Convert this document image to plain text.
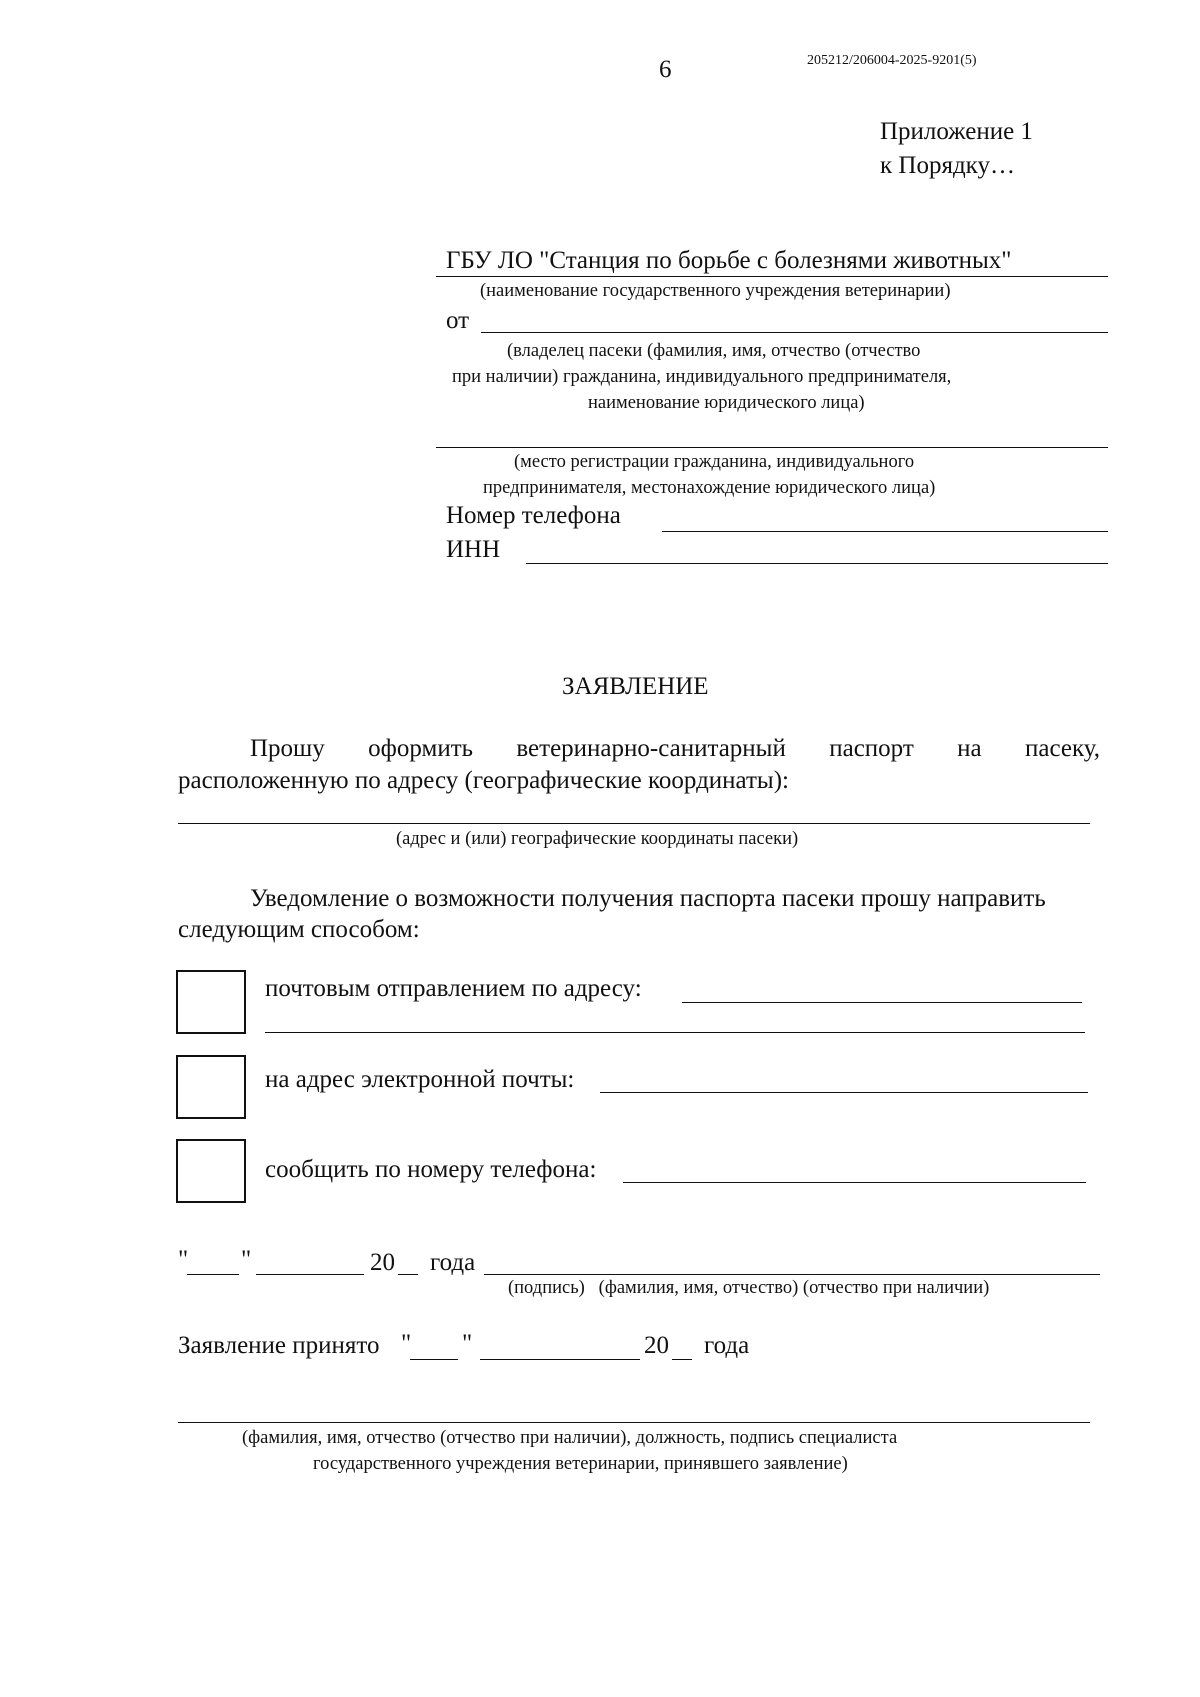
6	205212/206004-2025-9201(5)
Приложение 1
к Порядку…
ГБУ ЛО "Станция по борьбе с болезнями животных"
(наименование государственного учреждения ветеринарии)
от
(владелец пасеки (фамилия, имя, отчество (отчество
при наличии) гражданина, индивидуального предпринимателя,
наименование юридического лица)
(место регистрации гражданина, индивидуального
предпринимателя, местонахождение юридического лица)
Номер телефона
ИНН
ЗАЯВЛЕНИЕ
Прошу оформить ветеринарно-санитарный паспорт на пасеку,
расположенную по адресу (географические координаты):
(адрес и (или) географические координаты пасеки)
Уведомление о возможности получения паспорта пасеки прошу направить
следующим способом:
почтовым отправлением по адресу:
на адрес электронной почты:
сообщить по номеру телефона:
" "	20 года
(подпись)   (фамилия, имя, отчество) (отчество при наличии)
Заявление принято " "	20 года
(фамилия, имя, отчество (отчество при наличии), должность, подпись специалиста
государственного учреждения ветеринарии, принявшего заявление)
